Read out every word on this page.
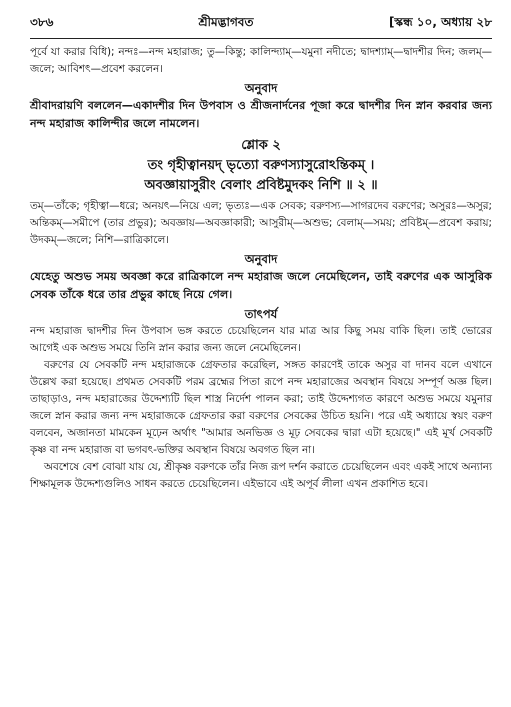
৩৮৬	শ্রীমদ্ভাগবত	[স্কন্ধ ১০, অধ্যায় ২৮

পূর্বে যা করার বিধি); নন্দঃ—নন্দ মহারাজ; তু—কিন্তু; কালিন্দ্যাম্—যমুনা নদীতে; দ্বাদশ্যাম্—দ্বাদশীর দিন; জলম্—জলে; আবিশৎ—প্রবেশ করলেন।

অনুবাদ

শ্রীবাদরায়ণি বললেন—একাদশীর দিন উপবাস ও শ্রীজনার্দনের পূজা করে দ্বাদশীর দিন স্নান করবার জন্য নন্দ মহারাজ কালিন্দীর জলে নামলেন।

শ্লোক ২

তং গৃহীত্বানয়দ্ ভৃত্যো বরুণস্যাসুরোঽন্তিকম্ ।

অবজ্ঞায়াসুরীং বেলাং প্রবিষ্টমুদকং নিশি ॥ ২ ॥

তম্—তাঁকে; গৃহীত্বা—ধরে; অনয়ৎ—নিয়ে এল; ভৃত্যঃ—এক সেবক; বরুণস্য—সাগরদেব বরুণের; অসুরঃ—অসুর; অন্তিকম্—সমীপে (তার প্রভুর); অবজ্ঞায়—অবজ্ঞাকারী; আসুরীম্—অশুভ; বেলাম্—সময়; প্রবিষ্টম্—প্রবেশ করায়; উদকম্—জলে; নিশি—রাত্রিকালে।

অনুবাদ

যেহেতু অশুভ সময় অবজ্ঞা করে রাত্রিকালে নন্দ মহারাজ জলে নেমেছিলেন, তাই বরুণের এক আসুরিক সেবক তাঁকে ধরে তার প্রভুর কাছে নিয়ে গেল।

তাৎপর্য

নন্দ মহারাজ দ্বাদশীর দিন উপবাস ভঙ্গ করতে চেয়েছিলেন যার মাত্র আর কিছু সময় বাকি ছিল। তাই ভোরের আগেই এক অশুভ সময়ে তিনি স্নান করার জন্য জলে নেমেছিলেন।

বরুণের যে সেবকটি নন্দ মহারাজকে গ্রেফতার করেছিল, সঙ্গত কারণেই তাকে অসুর বা দানব বলে এখানে উল্লেখ করা হয়েছে। প্রথমত সেবকটি পরম ব্রহ্মের পিতা রূপে নন্দ মহারাজের অবস্থান বিষয়ে সম্পূর্ণ অজ্ঞ ছিল। তাছাড়াও, নন্দ মহারাজের উদ্দেশ্যটি ছিল শাস্ত্র নির্দেশ পালন করা; তাই উদ্দেশ্যগত কারণে অশুভ সময়ে যমুনার জলে স্নান করার জন্য নন্দ মহারাজকে গ্রেফতার করা বরুণের সেবকের উচিত হয়নি। পরে এই অধ্যায়ে স্বয়ং বরুণ বলবেন, অজানতা মামকেন মূঢ়েন অর্থাৎ "আমার অনভিজ্ঞ ও মূঢ় সেবকের দ্বারা এটা হয়েছে।" এই মূর্খ সেবকটি কৃষ্ণ বা নন্দ মহারাজ বা ভগবৎ-ভক্তির অবস্থান বিষয়ে অবগত ছিল না।

অবশেষে বেশ বোঝা যায় যে, শ্রীকৃষ্ণ বরুণকে তাঁর নিজ রূপ দর্শন করাতে চেয়েছিলেন এবং একই সাথে অন্যান্য শিক্ষামূলক উদ্দেশ্যগুলিও সাধন করতে চেয়েছিলেন। এইভাবে এই অপূর্ব লীলা এখন প্রকাশিত হবে।
